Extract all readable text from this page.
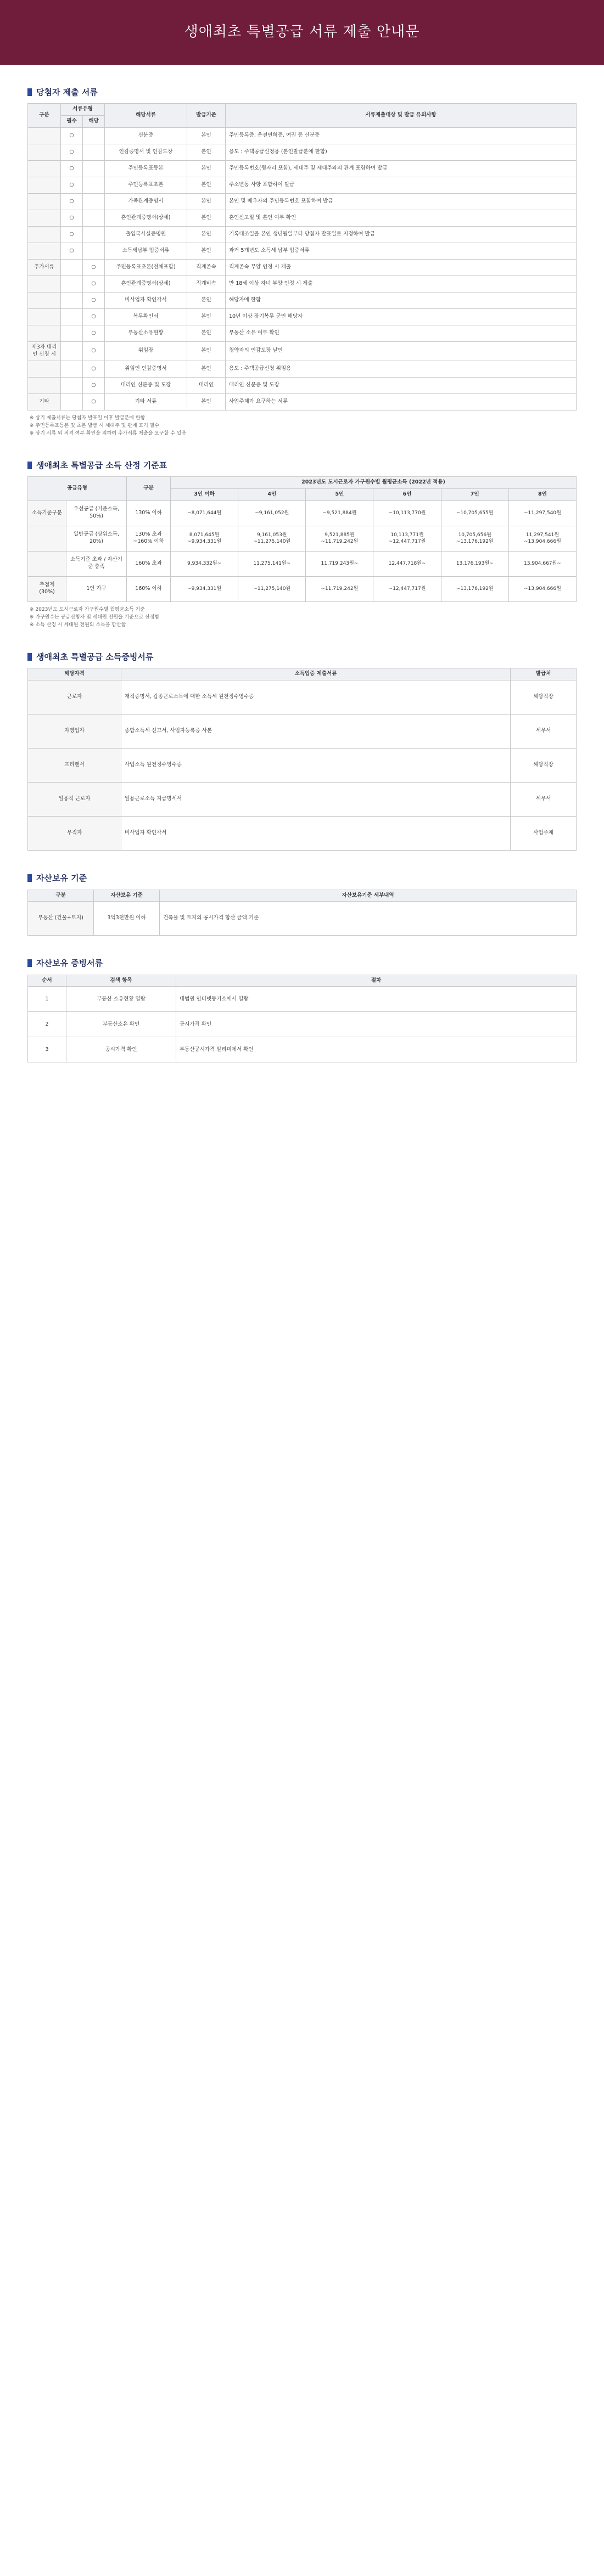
생애최초 특별공급 서류 제출 안내문
당첨자 제출 서류
구분	서류유형		해당서류	발급기준	서류제출대상 및 발급 유의사항
	필수	해당			
	○		신분증	본인	주민등록증, 운전면허증, 여권 등 신분증
	○		인감증명서 및 인감도장	본인	용도 : 주택공급신청용 (본인발급분에 한함)
	○		주민등록표등본	본인	주민등록번호(뒷자리 포함), 세대주 및 세대주와의 관계 포함하여 발급
	○		주민등록표초본	본인	주소변동 사항 포함하여 발급
	○		가족관계증명서	본인	본인 및 배우자의 주민등록번호 포함하여 발급
	○		혼인관계증명서(상세)	본인	혼인신고일 및 혼인 여부 확인
	○		출입국사실증명원	본인	기록대조일을 본인 생년월일부터 당첨자 발표일로 지정하여 발급
	○		소득세납부 입증서류	본인	과거 5개년도 소득세 납부 입증서류
추가서류		○	주민등록표초본(전체포함)	직계존속	직계존속 부양 인정 시 제출
		○	혼인관계증명서(상세)	직계비속	만 18세 이상 자녀 부양 인정 시 제출
		○	비사업자 확인각서	본인	해당자에 한함
		○	복무확인서	본인	10년 이상 장기복무 군인 해당자
		○	부동산소유현황	본인	부동산 소유 여부 확인
제3자 대리인 신청 시		○	위임장	본인	청약자의 인감도장 날인
		○	위임인 인감증명서	본인	용도 : 주택공급신청 위임용
		○	대리인 신분증 및 도장	대리인	대리인 신분증 및 도장
기타		○	기타 서류	본인	사업주체가 요구하는 서류
※ 상기 제출서류는 당첨자 발표일 이후 발급분에 한함
※ 주민등록표등본 및 초본 발급 시 세대주 및 관계 표기 필수
※ 상기 서류 외 적격 여부 확인을 위하여 추가서류 제출을 요구할 수 있음
생애최초 특별공급 소득 산정 기준표
공급유형		구분	2023년도 도시근로자 가구원수별 월평균소득 (2022년 적용)					
			3인 이하	4인	5인	6인	7인	8인
소득기준구분	우선공급 (기준소득, 50%)	130% 이하	~8,071,644원	~9,161,052원	~9,521,884원	~10,113,770원	~10,705,655원	~11,297,540원
	일반공급 (상위소득, 20%)	130% 초과 ~160% 이하	8,071,645원 ~9,934,331원	9,161,053원 ~11,275,140원	9,521,885원 ~11,719,242원	10,113,771원 ~12,447,717원	10,705,656원 ~13,176,192원	11,297,541원 ~13,904,666원
	소득기준 초과 / 자산기준 충족	160% 초과	9,934,332원~	11,275,141원~	11,719,243원~	12,447,718원~	13,176,193원~	13,904,667원~
추첨제 (30%)	1인 가구	160% 이하	~9,934,331원	~11,275,140원	~11,719,242원	~12,447,717원	~13,176,192원	~13,904,666원
※ 2023년도 도시근로자 가구원수별 월평균소득 기준
※ 가구원수는 공급신청자 및 세대원 전원을 기준으로 산정함
※ 소득 산정 시 세대원 전원의 소득을 합산함
생애최초 특별공급 소득증빙서류
해당자격	소득입증 제출서류	발급처
근로자	재직증명서, 갑종근로소득에 대한 소득세 원천징수영수증	해당직장
자영업자	종합소득세 신고서, 사업자등록증 사본	세무서
프리랜서	사업소득 원천징수영수증	해당직장
일용직 근로자	일용근로소득 지급명세서	세무서
무직자	비사업자 확인각서	사업주체
자산보유 기준
구분	자산보유 기준	자산보유기준 세부내역
부동산 (건물+토지)	3억3천만원 이하	건축물 및 토지의 공시가격 합산 금액 기준
자산보유 증빙서류
순서	검색 항목	절차
1	부동산 소유현황 열람	대법원 인터넷등기소에서 열람
2	부동산소유 확인	공시가격 확인
3	공시가격 확인	부동산공시가격 알리미에서 확인
